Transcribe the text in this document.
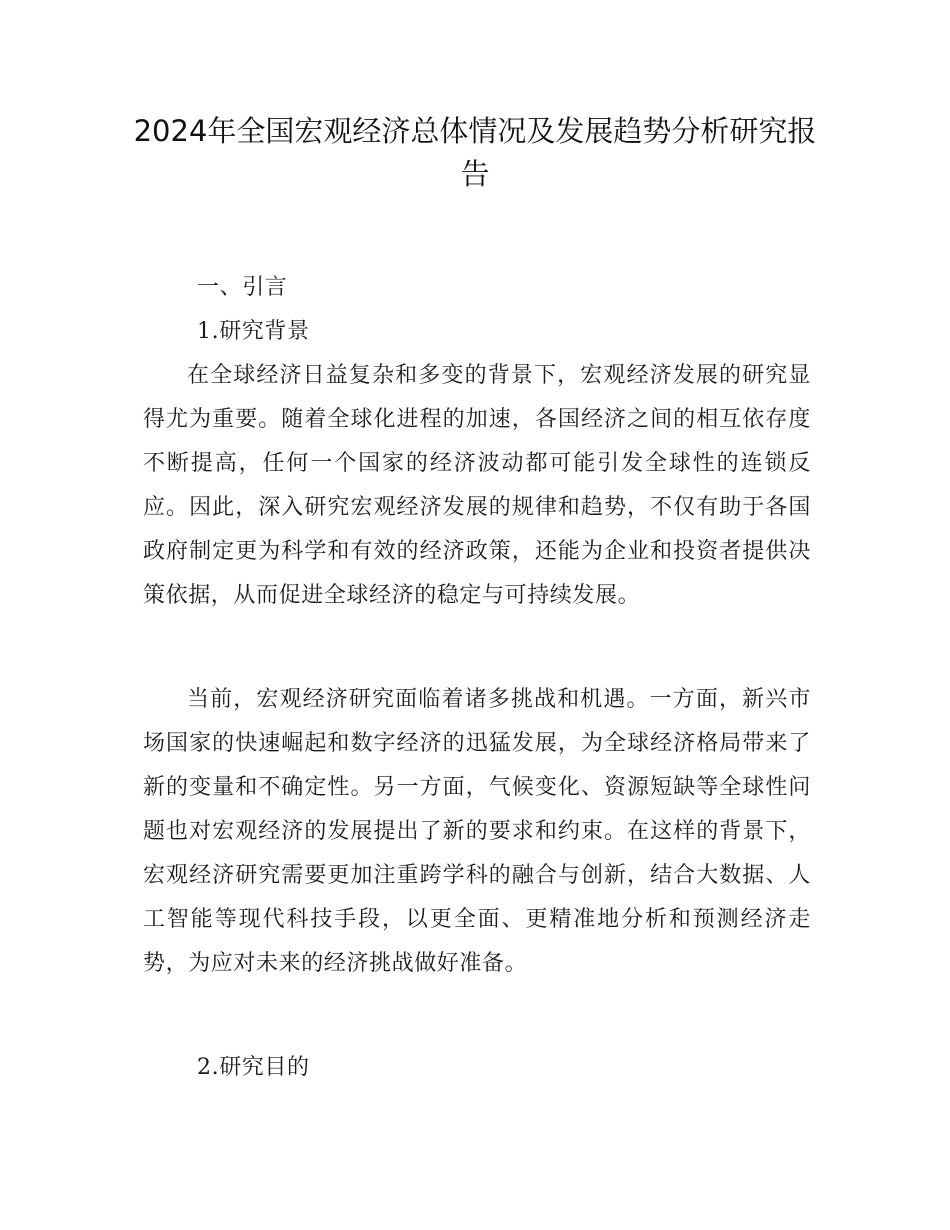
2024年全国宏观经济总体情况及发展趋势分析研究报告

一、引言

1.研究背景

在全球经济日益复杂和多变的背景下，宏观经济发展的研究显得尤为重要。随着全球化进程的加速，各国经济之间的相互依存度不断提高，任何一个国家的经济波动都可能引发全球性的连锁反应。因此，深入研究宏观经济发展的规律和趋势，不仅有助于各国政府制定更为科学和有效的经济政策，还能为企业和投资者提供决策依据，从而促进全球经济的稳定与可持续发展。

当前，宏观经济研究面临着诸多挑战和机遇。一方面，新兴市场国家的快速崛起和数字经济的迅猛发展，为全球经济格局带来了新的变量和不确定性。另一方面，气候变化、资源短缺等全球性问题也对宏观经济的发展提出了新的要求和约束。在这样的背景下，宏观经济研究需要更加注重跨学科的融合与创新，结合大数据、人工智能等现代科技手段，以更全面、更精准地分析和预测经济走势，为应对未来的经济挑战做好准备。

2.研究目的
